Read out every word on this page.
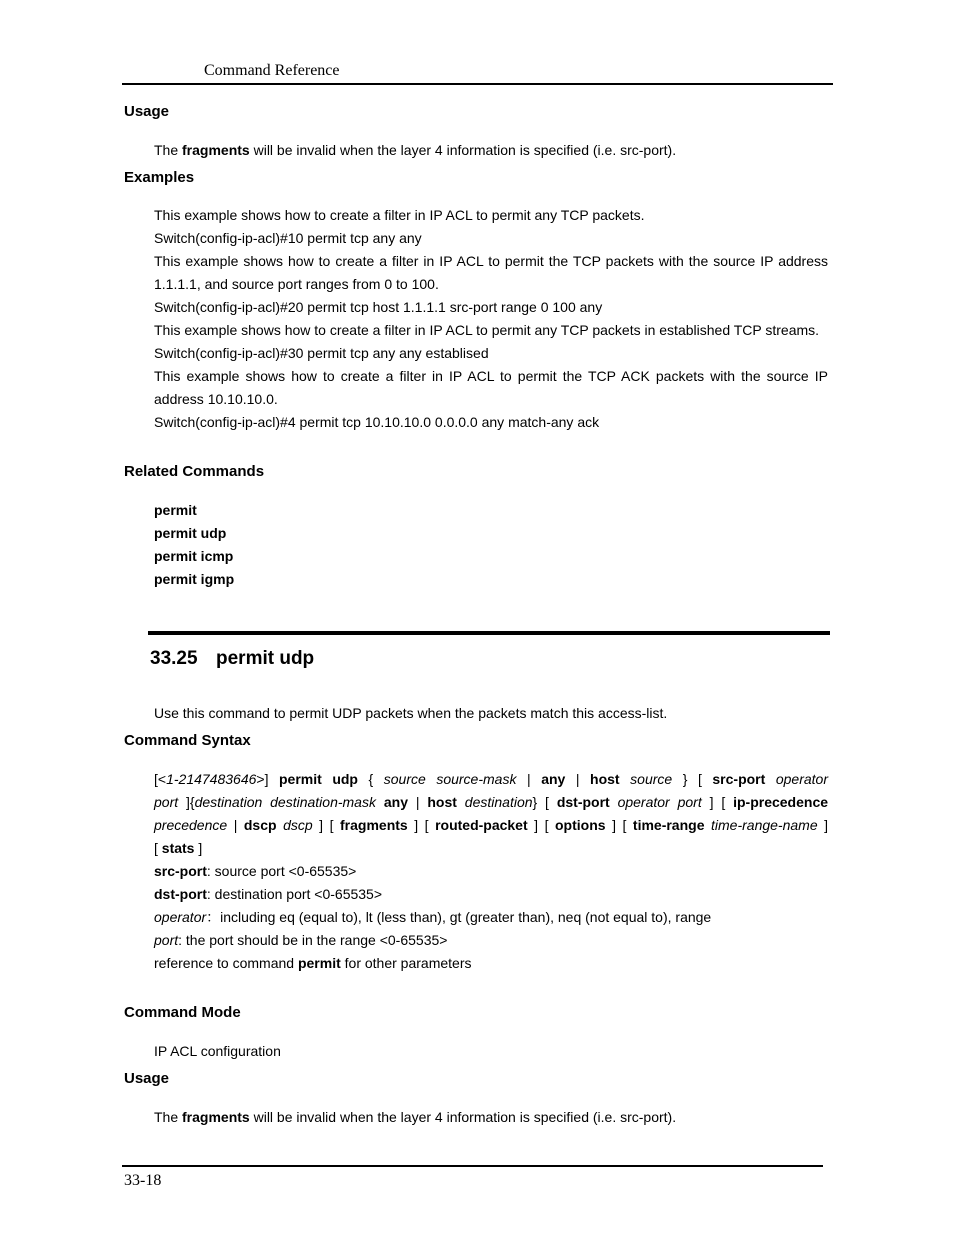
Command Reference
Usage
The fragments will be invalid when the layer 4 information is specified (i.e. src-port).
Examples
This example shows how to create a filter in IP ACL to permit any TCP packets.
Switch(config-ip-acl)#10 permit tcp any any
This example shows how to create a filter in IP ACL to permit the TCP packets with the source IP address 1.1.1.1, and source port ranges from 0 to 100.
Switch(config-ip-acl)#20 permit tcp host 1.1.1.1 src-port range 0 100 any
This example shows how to create a filter in IP ACL to permit any TCP packets in established TCP streams.
Switch(config-ip-acl)#30 permit tcp any any establised
This example shows how to create a filter in IP ACL to permit the TCP ACK packets with the source IP address 10.10.10.0.
Switch(config-ip-acl)#4 permit tcp 10.10.10.0 0.0.0.0 any match-any ack
Related Commands
permit
permit udp
permit icmp
permit igmp
33.25 permit udp
Use this command to permit UDP packets when the packets match this access-list.
Command Syntax
[<1-2147483646>] permit udp { source source-mask | any | host source } [ src-port operator
port ]{destination destination-mask any | host destination} [ dst-port operator port ] [ ip-precedence
precedence | dscp dscp ] [ fragments ] [ routed-packet ] [ options ] [ time-range time-range-name ]
[ stats ]
src-port: source port <0-65535>
dst-port: destination port <0-65535>
operator：including eq (equal to), lt (less than), gt (greater than), neq (not equal to), range
port: the port should be in the range <0-65535>
reference to command permit for other parameters
Command Mode
IP ACL configuration
Usage
The fragments will be invalid when the layer 4 information is specified (i.e. src-port).
33-18
